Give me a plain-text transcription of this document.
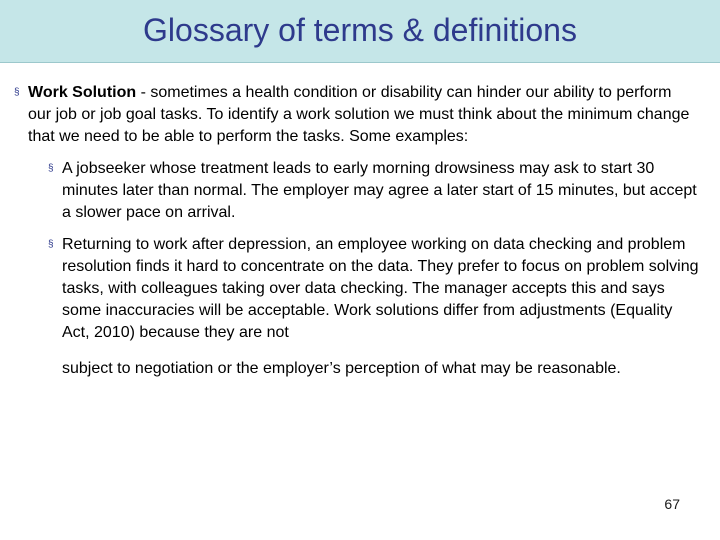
Glossary of terms & definitions
§ Work Solution - sometimes a health condition or disability can hinder our ability to perform our job or job goal tasks. To identify a work solution we must think about the minimum change that we need to be able to perform the tasks. Some examples:
§ A jobseeker whose treatment leads to early morning drowsiness may ask to start 30 minutes later than normal. The employer may agree a later start of 15 minutes, but accept a slower pace on arrival.
§ Returning to work after depression, an employee working on data checking and problem resolution finds it hard to concentrate on the data. They prefer to focus on problem solving tasks, with colleagues taking over data checking. The manager accepts this and says some inaccuracies will be acceptable. Work solutions differ from adjustments (Equality Act, 2010) because they are not
subject to negotiation or the employer’s perception of what may be reasonable.
67
